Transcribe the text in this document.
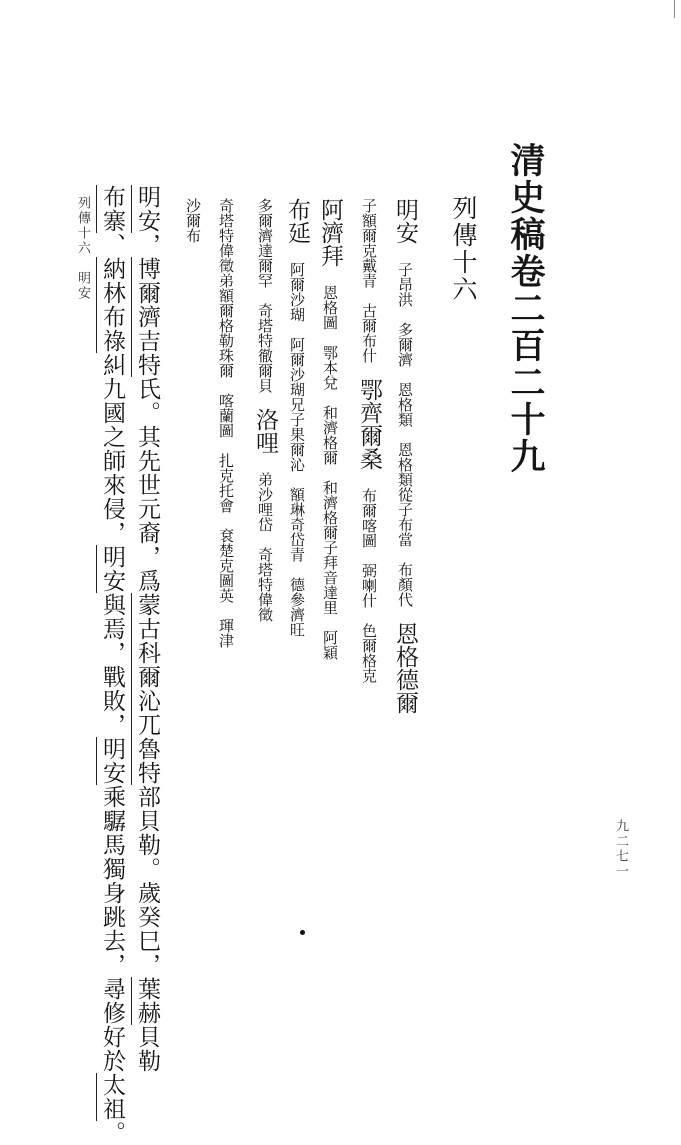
清史稿卷二百二十九
列傳十六
明安 子昂洪　多爾濟　恩格類　恩格類從子布當　布顏代　恩格德爾
子額爾克戴青　古爾布什　鄂齊爾桑 布爾喀圖　弼喇什　色爾格克
阿濟拜 恩格圖　鄂本兌　和濟格爾　和濟格爾子拜音達里　阿穎
布延 阿爾沙瑚　阿爾沙瑚兄子果爾沁　額琳奇岱青　德參濟旺
多爾濟達爾罕　奇塔特徹爾貝　洛哩 弟沙哩岱　奇塔特偉徵
奇塔特偉徵弟額爾格勒珠爾　喀蘭圖　扎克托會　袞楚克圖英　琿津
沙爾布
明安，博爾濟吉特氏。其先世元裔，爲蒙古科爾沁兀魯特部貝勒。歲癸巳，葉赫貝勒
布寨、納林布祿糾九國之師來侵，明安與焉，戰敗，明安乘驏馬獨身跳去，尋修好於太祖。
列傳十六　明安
九二七一
